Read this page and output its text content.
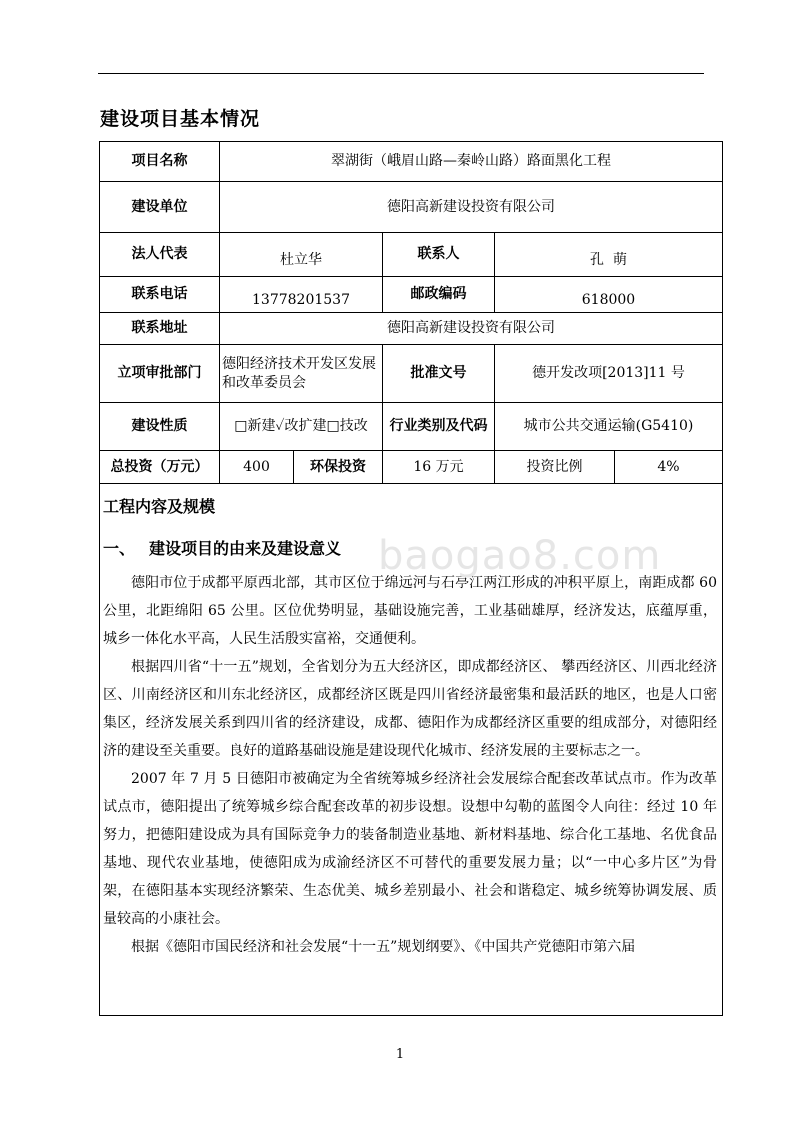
建设项目基本情况
项目名称	翠湖街（峨眉山路—秦岭山路）路面黑化工程				
建设单位	德阳高新建设投资有限公司				
法人代表	杜立华		联系人	孔  萌	
联系电话	13778201537		邮政编码	618000	
联系地址	德阳高新建设投资有限公司				
立项审批部门	德阳经济技术开发区发展和改革委员会		批准文号	德开发改项[2013]11 号	
建设性质	□新建✓改扩建□技改		行业类别及代码	城市公共交通运输(G5410)	
总投资（万元）	400	环保投资	16 万元	投资比例	4%
工程内容及规模
一、 建设项目的由来及建设意义

德阳市位于成都平原西北部，其市区位于绵远河与石亭江两江形成的冲积平原上，南距成都 60 公里，北距绵阳 65 公里。区位优势明显，基础设施完善，工业基础雄厚，经济发达，底蕴厚重，城乡一体化水平高，人民生活殷实富裕，交通便利。

根据四川省“十一五”规划，全省划分为五大经济区，即成都经济区、 攀西经济区、川西北经济区、川南经济区和川东北经济区，成都经济区既是四川省经济最密集和最活跃的地区，也是人口密集区，经济发展关系到四川省的经济建设，成都、德阳作为成都经济区重要的组成部分，对德阳经济的建设至关重要。良好的道路基础设施是建设现代化城市、经济发展的主要标志之一。

2007 年 7 月 5 日德阳市被确定为全省统筹城乡经济社会发展综合配套改革试点市。作为改革试点市，德阳提出了统筹城乡综合配套改革的初步设想。设想中勾勒的蓝图令人向往：经过 10 年努力，把德阳建设成为具有国际竞争力的装备制造业基地、新材料基地、综合化工基地、名优食品基地、现代农业基地，使德阳成为成渝经济区不可替代的重要发展力量；以“一中心多片区”为骨架，在德阳基本实现经济繁荣、生态优美、城乡差别最小、社会和谐稳定、城乡统筹协调发展、质量较高的小康社会。

根据《德阳市国民经济和社会发展“十一五”规划纲要》、《中国共产党德阳市第六届

baogao8.com
1
